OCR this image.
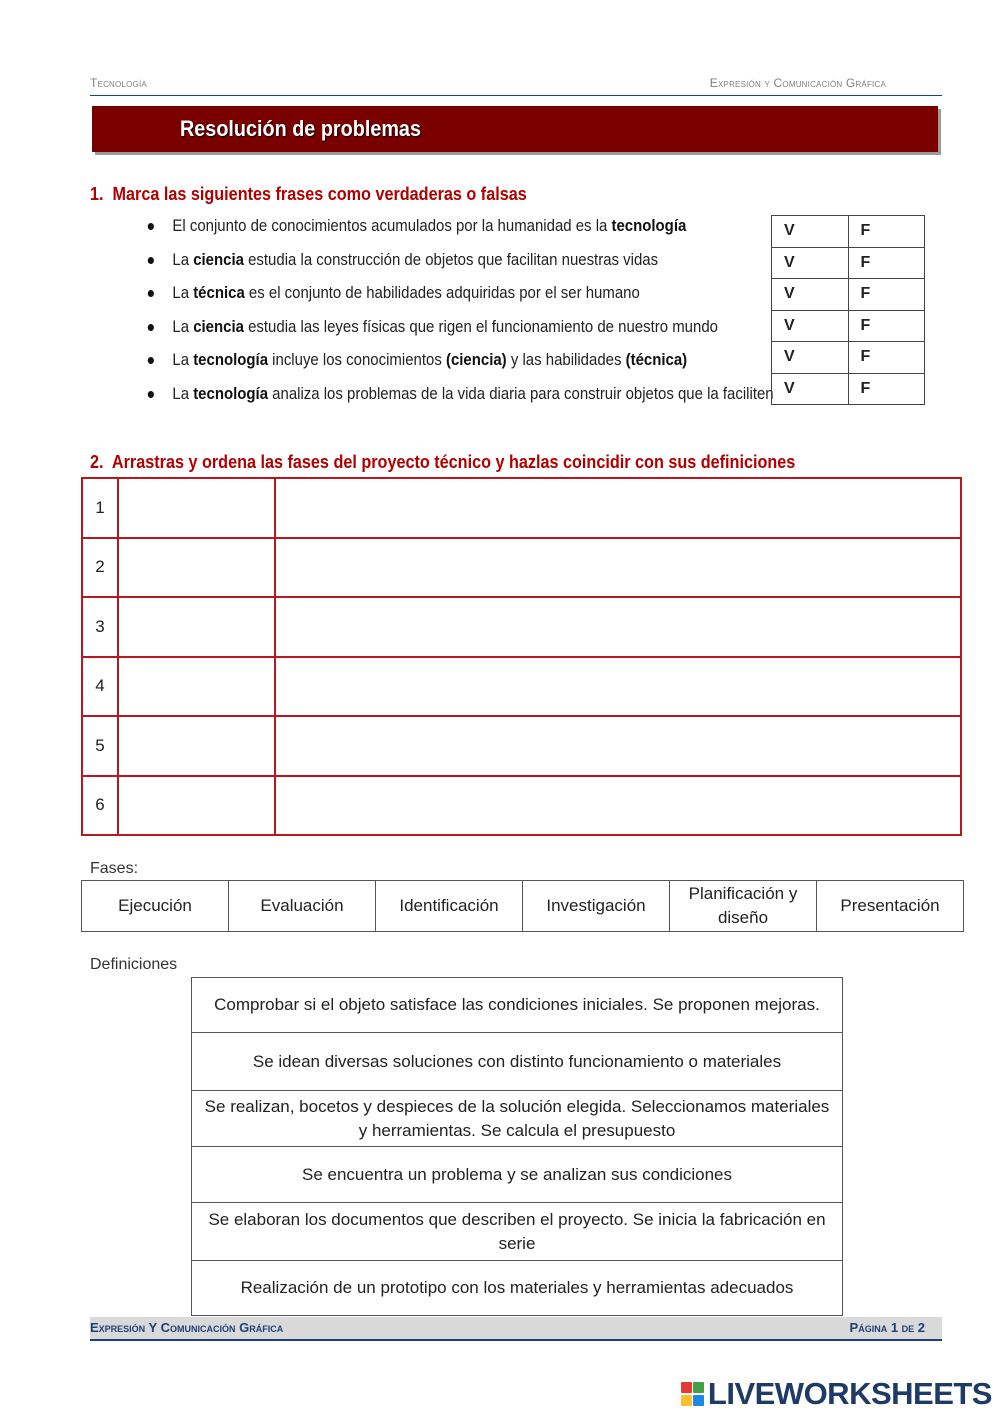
Tecnología	Expresión y Comunicación Gráfica
Resolución de problemas
1. Marca las siguientes frases como verdaderas o falsas
El conjunto de conocimientos acumulados por la humanidad es la tecnología
La ciencia estudia la construcción de objetos que facilitan nuestras vidas
La técnica es el conjunto de habilidades adquiridas por el ser humano
La ciencia estudia las leyes físicas que rigen el funcionamiento de nuestro mundo
La tecnología incluye los conocimientos (ciencia) y las habilidades (técnica)
La tecnología analiza los problemas de la vida diaria para construir objetos que la faciliten
V	F
V	F
V	F
V	F
V	F
V	F
2. Arrastras y ordena las fases del proyecto técnico y hazlas coincidir con sus definiciones
1		
2		
3		
4		
5		
6		
Fases:
Ejecución	Evaluación	Identificación	Investigación	Planificación y diseño	Presentación
Definiciones
Comprobar si el objeto satisface las condiciones iniciales. Se proponen mejoras.
Se idean diversas soluciones con distinto funcionamiento o materiales
Se realizan, bocetos y despieces de la solución elegida. Seleccionamos materiales y herramientas. Se calcula el presupuesto
Se encuentra un problema y se analizan sus condiciones
Se elaboran los documentos que describen el proyecto. Se inicia la fabricación en serie
Realización de un prototipo con los materiales y herramientas adecuados
Expresión Y Comunicación Gráfica	Página 1 de 2
LIVEWORKSHEETS
